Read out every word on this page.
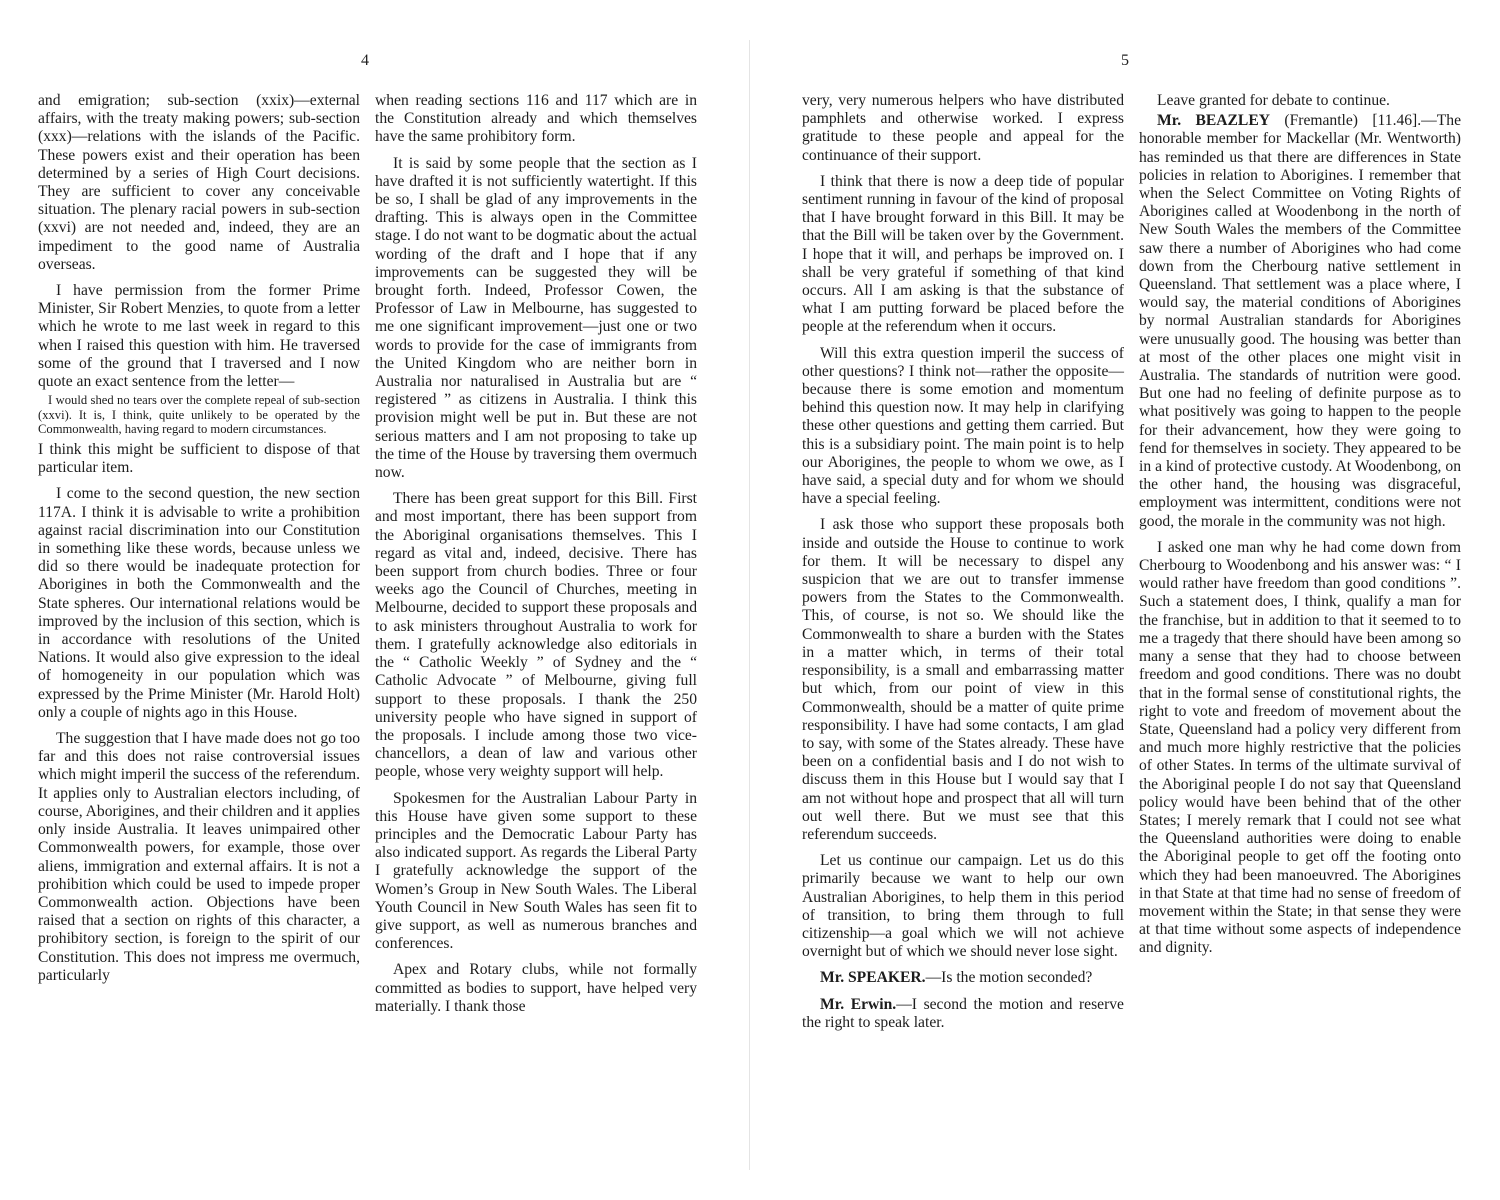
4

and emigration; sub-section (xxix)—external affairs, with the treaty making powers; sub-section (xxx)—relations with the islands of the Pacific. These powers exist and their operation has been determined by a series of High Court decisions. They are sufficient to cover any conceivable situation. The plenary racial powers in sub-section (xxvi) are not needed and, indeed, they are an impediment to the good name of Australia overseas.

I have permission from the former Prime Minister, Sir Robert Menzies, to quote from a letter which he wrote to me last week in regard to this when I raised this question with him. He traversed some of the ground that I traversed and I now quote an exact sentence from the letter—

I would shed no tears over the complete repeal of sub-section (xxvi). It is, I think, quite unlikely to be operated by the Commonwealth, having regard to modern circumstances.

I think this might be sufficient to dispose of that particular item.

I come to the second question, the new section 117A. I think it is advisable to write a prohibition against racial discrimination into our Constitution in something like these words, because unless we did so there would be inadequate protection for Aborigines in both the Commonwealth and the State spheres. Our international relations would be improved by the inclusion of this section, which is in accordance with resolutions of the United Nations. It would also give expression to the ideal of homogeneity in our population which was expressed by the Prime Minister (Mr. Harold Holt) only a couple of nights ago in this House.

The suggestion that I have made does not go too far and this does not raise controversial issues which might imperil the success of the referendum. It applies only to Australian electors including, of course, Aborigines, and their children and it applies only inside Australia. It leaves unimpaired other Commonwealth powers, for example, those over aliens, immigration and external affairs. It is not a prohibition which could be used to impede proper Commonwealth action. Objections have been raised that a section on rights of this character, a prohibitory section, is foreign to the spirit of our Constitution. This does not impress me overmuch, particularly

when reading sections 116 and 117 which are in the Constitution already and which themselves have the same prohibitory form.

It is said by some people that the section as I have drafted it is not sufficiently watertight. If this be so, I shall be glad of any improvements in the drafting. This is always open in the Committee stage. I do not want to be dogmatic about the actual wording of the draft and I hope that if any improvements can be suggested they will be brought forth. Indeed, Professor Cowen, the Professor of Law in Melbourne, has suggested to me one significant improvement—just one or two words to provide for the case of immigrants from the United Kingdom who are neither born in Australia nor naturalised in Australia but are “ registered ” as citizens in Australia. I think this provision might well be put in. But these are not serious matters and I am not proposing to take up the time of the House by traversing them overmuch now.

There has been great support for this Bill. First and most important, there has been support from the Aboriginal organisations themselves. This I regard as vital and, indeed, decisive. There has been support from church bodies. Three or four weeks ago the Council of Churches, meeting in Melbourne, decided to support these proposals and to ask ministers throughout Australia to work for them. I gratefully acknowledge also editorials in the “ Catholic Weekly ” of Sydney and the “ Catholic Advocate ” of Melbourne, giving full support to these proposals. I thank the 250 university people who have signed in support of the proposals. I include among those two vice-chancellors, a dean of law and various other people, whose very weighty support will help.

Spokesmen for the Australian Labour Party in this House have given some support to these principles and the Democratic Labour Party has also indicated support. As regards the Liberal Party I gratefully acknowledge the support of the Women’s Group in New South Wales. The Liberal Youth Council in New South Wales has seen fit to give support, as well as numerous branches and conferences.

Apex and Rotary clubs, while not formally committed as bodies to support, have helped very materially. I thank those

5

very, very numerous helpers who have distributed pamphlets and otherwise worked. I express gratitude to these people and appeal for the continuance of their support.

I think that there is now a deep tide of popular sentiment running in favour of the kind of proposal that I have brought forward in this Bill. It may be that the Bill will be taken over by the Government. I hope that it will, and perhaps be improved on. I shall be very grateful if something of that kind occurs. All I am asking is that the substance of what I am putting forward be placed before the people at the referendum when it occurs.

Will this extra question imperil the success of other questions? I think not—rather the opposite—because there is some emotion and momentum behind this question now. It may help in clarifying these other questions and getting them carried. But this is a subsidiary point. The main point is to help our Aborigines, the people to whom we owe, as I have said, a special duty and for whom we should have a special feeling.

I ask those who support these proposals both inside and outside the House to continue to work for them. It will be necessary to dispel any suspicion that we are out to transfer immense powers from the States to the Commonwealth. This, of course, is not so. We should like the Commonwealth to share a burden with the States in a matter which, in terms of their total responsibility, is a small and embarrassing matter but which, from our point of view in this Commonwealth, should be a matter of quite prime responsibility. I have had some contacts, I am glad to say, with some of the States already. These have been on a confidential basis and I do not wish to discuss them in this House but I would say that I am not without hope and prospect that all will turn out well there. But we must see that this referendum succeeds.

Let us continue our campaign. Let us do this primarily because we want to help our own Australian Aborigines, to help them in this period of transition, to bring them through to full citizenship—a goal which we will not achieve overnight but of which we should never lose sight.

Mr. SPEAKER.—Is the motion seconded?

Mr. Erwin.—I second the motion and reserve the right to speak later.

Leave granted for debate to continue.

Mr. BEAZLEY (Fremantle) [11.46].—The honorable member for Mackellar (Mr. Wentworth) has reminded us that there are differences in State policies in relation to Aborigines. I remember that when the Select Committee on Voting Rights of Aborigines called at Woodenbong in the north of New South Wales the members of the Committee saw there a number of Aborigines who had come down from the Cherbourg native settlement in Queensland. That settlement was a place where, I would say, the material conditions of Aborigines by normal Australian standards for Aborigines were unusually good. The housing was better than at most of the other places one might visit in Australia. The standards of nutrition were good. But one had no feeling of definite purpose as to what positively was going to happen to the people for their advancement, how they were going to fend for themselves in society. They appeared to be in a kind of protective custody. At Woodenbong, on the other hand, the housing was disgraceful, employment was intermittent, conditions were not good, the morale in the community was not high.

I asked one man why he had come down from Cherbourg to Woodenbong and his answer was: “ I would rather have freedom than good conditions ”. Such a statement does, I think, qualify a man for the franchise, but in addition to that it seemed to to me a tragedy that there should have been among so many a sense that they had to choose between freedom and good conditions. There was no doubt that in the formal sense of constitutional rights, the right to vote and freedom of movement about the State, Queensland had a policy very different from and much more highly restrictive that the policies of other States. In terms of the ultimate survival of the Aboriginal people I do not say that Queensland policy would have been behind that of the other States; I merely remark that I could not see what the Queensland authorities were doing to enable the Aboriginal people to get off the footing onto which they had been manoeuvred. The Aborigines in that State at that time had no sense of freedom of movement within the State; in that sense they were at that time without some aspects of independence and dignity.
